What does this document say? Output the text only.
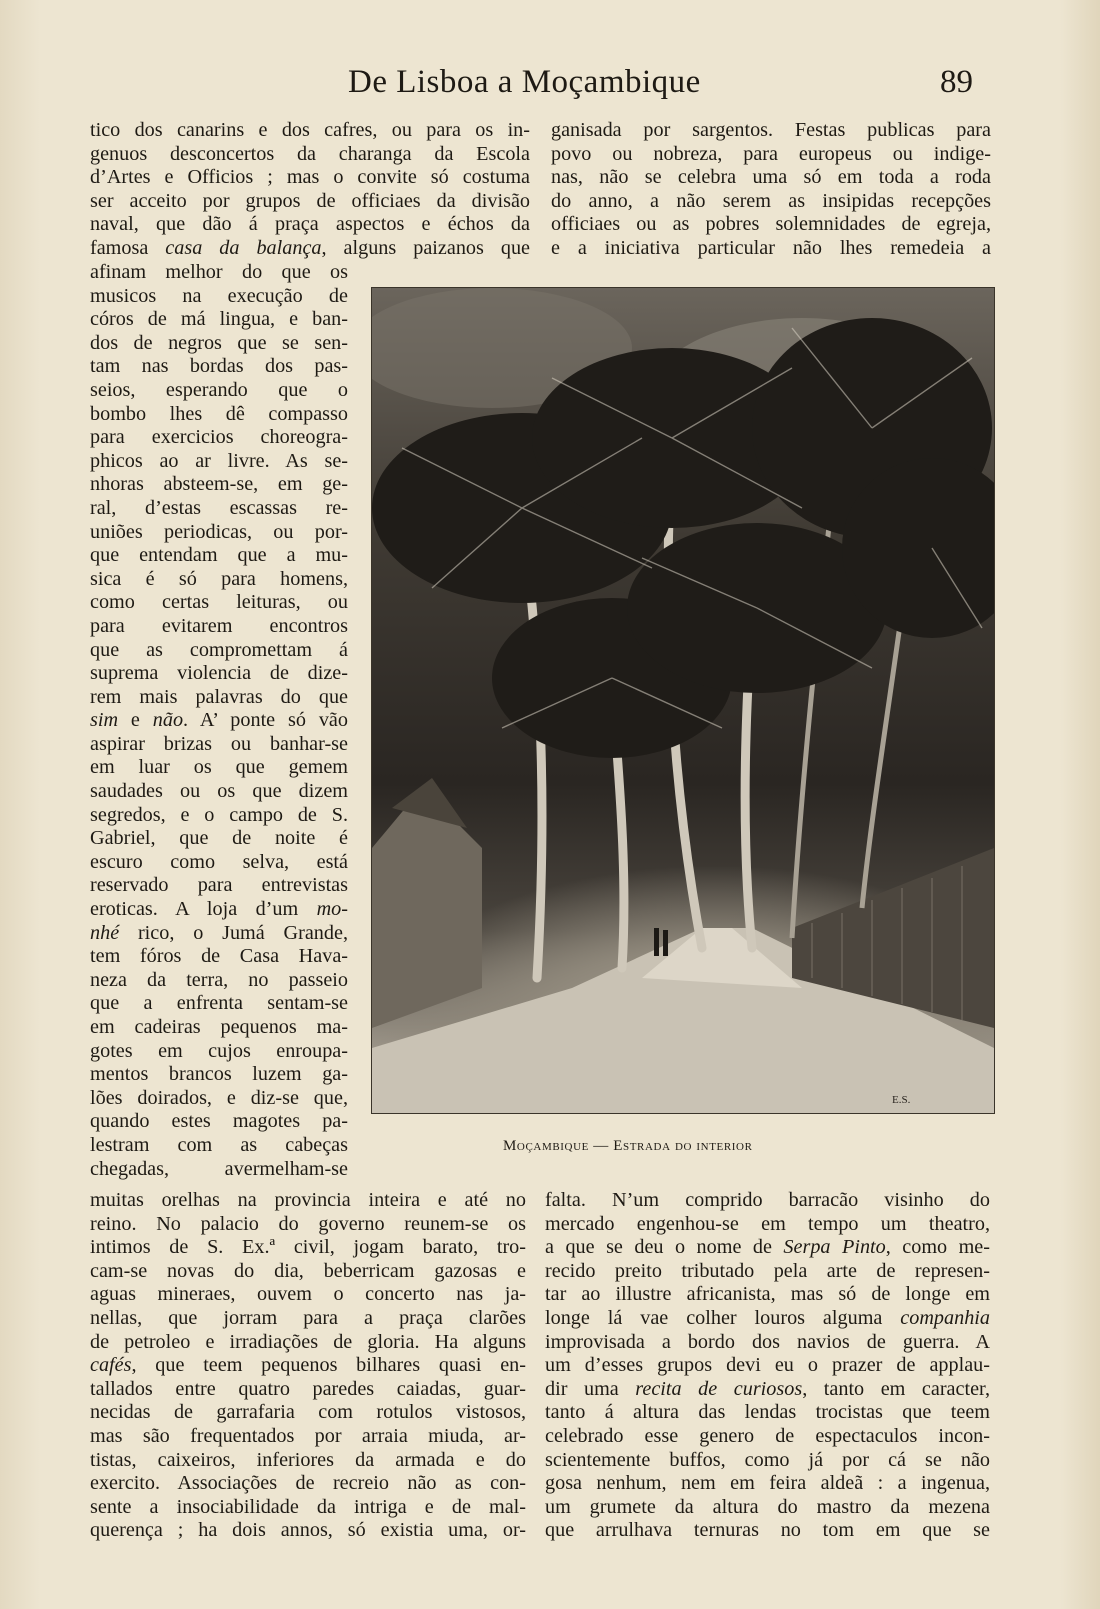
De Lisboa a Moçambique	89
tico dos canarins e dos cafres, ou para os in-
genuos desconcertos da charanga da Escola
d’Artes e Officios ; mas o convite só costuma
ser acceito por grupos de officiaes da divisão
naval, que dão á praça aspectos e échos da
famosa casa da balança, alguns paizanos que
ganisada por sargentos. Festas publicas para
povo ou nobreza, para europeus ou indige-
nas, não se celebra uma só em toda a roda
do anno, a não serem as insipidas recepções
officiaes ou as pobres solemnidades de egreja,
e a iniciativa particular não lhes remedeia a
afinam melhor do que os
musicos na execução de
córos de má lingua, e ban-
dos de negros que se sen-
tam nas bordas dos pas-
seios, esperando que o
bombo lhes dê compasso
para exercicios choreogra-
phicos ao ar livre. As se-
nhoras absteem-se, em ge-
ral, d’estas escassas re-
uniões periodicas, ou por-
que entendam que a mu-
sica é só para homens,
como certas leituras, ou
para evitarem encontros
que as compromettam á
suprema violencia de dize-
rem mais palavras do que
sim e não. A’ ponte só vão
aspirar brizas ou banhar-se
em luar os que gemem
saudades ou os que dizem
segredos, e o campo de S.
Gabriel, que de noite é
escuro como selva, está
reservado para entrevistas
eroticas. A loja d’um mo-
nhé rico, o Jumá Grande,
tem fóros de Casa Hava-
neza da terra, no passeio
que a enfrenta sentam-se
em cadeiras pequenos ma-
gotes em cujos enroupa-
mentos brancos luzem ga-
lões doirados, e diz-se que,
quando estes magotes pa-
lestram com as cabeças
chegadas, avermelham-se
muitas orelhas na provincia inteira e até no
reino. No palacio do governo reunem-se os
intimos de S. Ex.ª civil, jogam barato, tro-
cam-se novas do dia, beberricam gazosas e
aguas mineraes, ouvem o concerto nas ja-
nellas, que jorram para a praça clarões
de petroleo e irradiações de gloria. Ha alguns
cafés, que teem pequenos bilhares quasi en-
tallados entre quatro paredes caiadas, guar-
necidas de garrafaria com rotulos vistosos,
mas são frequentados por arraia miuda, ar-
tistas, caixeiros, inferiores da armada e do
exercito. Associações de recreio não as con-
sente a insociabilidade da intriga e de mal-
querença ; ha dois annos, só existia uma, or-
falta. N’um comprido barracão visinho do
mercado engenhou-se em tempo um theatro,
a que se deu o nome de Serpa Pinto, como me-
recido preito tributado pela arte de represen-
tar ao illustre africanista, mas só de longe em
longe lá vae colher louros alguma companhia
improvisada a bordo dos navios de guerra. A
um d’esses grupos devi eu o prazer de applau-
dir uma recita de curiosos, tanto em caracter,
tanto á altura das lendas trocistas que teem
celebrado esse genero de espectaculos incon-
scientemente buffos, como já por cá se não
gosa nenhum, nem em feira aldeã : a ingenua,
um grumete da altura do mastro da mezena
que arrulhava ternuras no tom em que se
E.S.
Moçambique — Estrada do interior
